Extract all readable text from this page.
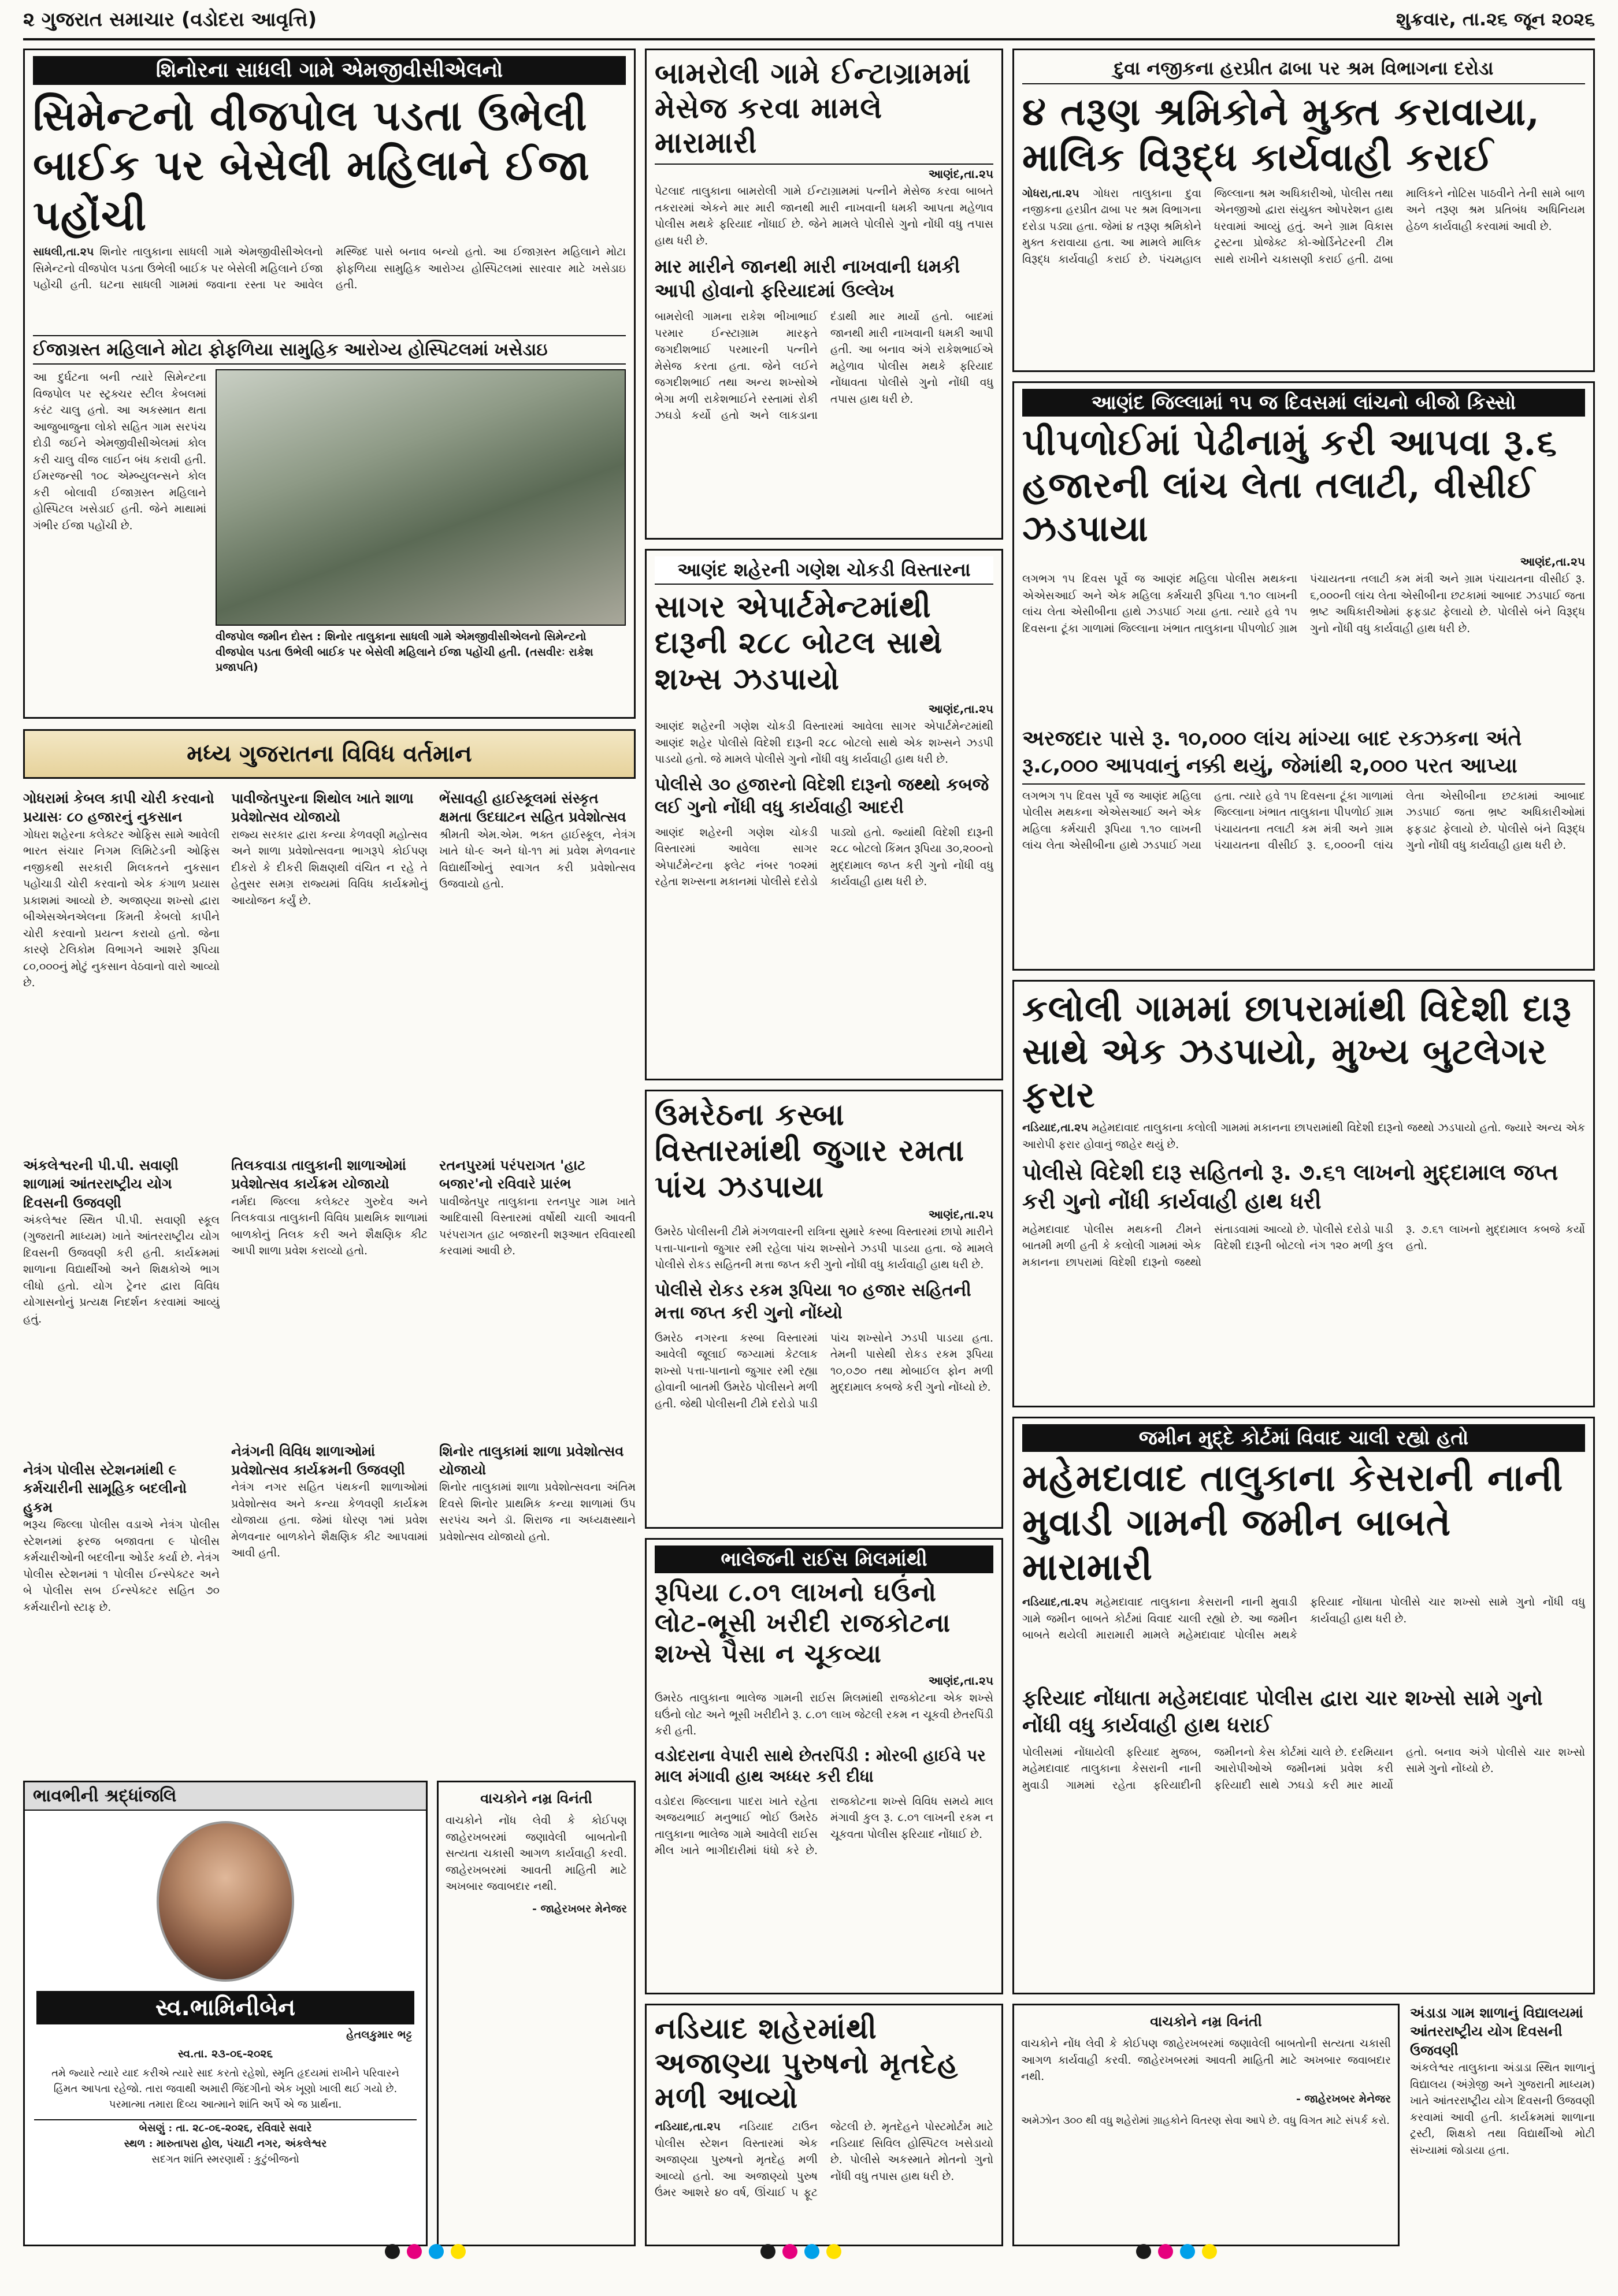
૨ ગુજરાત સમાચાર (વડોદરા આવૃત્તિ)	શુક્રવાર, તા.૨૬ જૂન ૨૦૨૬
શિનોરના સાધલી ગામે એમજીવીસીએલનો
સિમેન્ટનો વીજપોલ પડતા ઉભેલી બાઈક પર બેસેલી મહિલાને ઈજા પહોંચી
સાધલી,તા.૨૫ શિનોર તાલુકાના સાધલી ગામે એમજીવીસીએલનો સિમેન્ટનો વીજપોલ પડતા ઉભેલી બાઈક પર બેસેલી મહિલાને ઈજા પહોંચી હતી. ઘટના સાધલી ગામમાં જવાના રસ્તા પર આવેલ મસ્જિદ પાસે બનાવ બન્યો હતો. આ ઈજાગ્રસ્ત મહિલાને મોટા ફોફળિયા સામુહિક આરોગ્ય હોસ્પિટલમાં સારવાર માટે ખસેડાઇ હતી.
ઈજાગ્રસ્ત મહિલાને મોટા ફોફળિયા સામુહિક આરોગ્ય હોસ્પિટલમાં ખસેડાઇ
આ દુર્ઘટના બની ત્યારે સિમેન્ટના વિજપોલ પર સ્ટ્રક્ચર સ્ટીલ કેબલમાં કરંટ ચાલુ હતો. આ અકસ્માત થતા આજુબાજુના લોકો સહિત ગામ સરપંચ દોડી જઈને એમજીવીસીએલમાં કોલ કરી ચાલુ વીજ લાઈન બંધ કરાવી હતી. ઈમરજન્સી ૧૦૮ એમ્બ્યુલન્સને કોલ કરી બોલાવી ઈજાગ્રસ્ત મહિલાને હોસ્પિટલ ખસેડાઈ હતી. જેને માથામાં ગંભીર ઈજા પહોંચી છે.
વીજપોલ જમીન દોસ્ત : શિનોર તાલુકાના સાધલી ગામે એમજીવીસીએલનો સિમેન્ટનો વીજપોલ પડતા ઉભેલી બાઈક પર બેસેલી મહિલાને ઈજા પહોંચી હતી. (તસવીરઃ રાકેશ પ્રજાપતિ)
બામરોલી ગામે ઈન્ટાગ્રામમાં મેસેજ કરવા મામલે મારામારી
આણંદ,તા.૨૫
પેટલાદ તાલુકાના બામરોલી ગામે ઈન્ટાગ્રામમાં પત્નીને મેસેજ કરવા બાબતે તકરારમાં એકને માર મારી જાનથી મારી નાખવાની ધમકી આપતા મહેળાવ પોલીસ મથકે ફરિયાદ નોંધાઈ છે. જેને મામલે પોલીસે ગુનો નોંધી વધુ તપાસ હાથ ધરી છે.
માર મારીને જાનથી મારી નાખવાની ધમકી આપી હોવાનો ફરિયાદમાં ઉલ્લેખ
બામરોલી ગામના રાકેશ ભીખાભાઈ પરમાર ઈન્સ્ટાગ્રામ મારફતે જગદીશભાઈ પરમારની પત્નીને મેસેજ કરતા હતા. જેને લઈને જગદીશભાઈ તથા અન્ય શખ્સોએ ભેગા મળી રાકેશભાઈને રસ્તામાં રોકી ઝઘડો કર્યો હતો અને લાકડાના દંડાથી માર માર્યો હતો. બાદમાં જાનથી મારી નાખવાની ધમકી આપી હતી. આ બનાવ અંગે રાકેશભાઈએ મહેળાવ પોલીસ મથકે ફરિયાદ નોંધાવતા પોલીસે ગુનો નોંધી વધુ તપાસ હાથ ધરી છે.
દુવા નજીકના હરપ્રીત ઢાબા પર શ્રમ વિભાગના દરોડા
૪ તરૂણ શ્રમિકોને મુક્ત કરાવાયા, માલિક વિરૂદ્ધ કાર્યવાહી કરાઈ
ગોધરા,તા.૨૫ ગોધરા તાલુકાના દુવા નજીકના હરપ્રીત ઢાબા પર શ્રમ વિભાગના દરોડા પડ્યા હતા. જેમાં ૪ તરૂણ શ્રમિકોને મુક્ત કરાવાયા હતા. આ મામલે માલિક વિરૂદ્ધ કાર્યવાહી કરાઈ છે. પંચમહાલ જિલ્લાના શ્રમ અધિકારીઓ, પોલીસ તથા એનજીઓ દ્વારા સંયુક્ત ઓપરેશન હાથ ધરવામાં આવ્યું હતું. અને ગ્રામ વિકાસ ટ્રસ્ટના પ્રોજેક્ટ કો-ઓર્ડિનેટરની ટીમ સાથે રાખીને ચકાસણી કરાઈ હતી. ઢાબા માલિકને નોટિસ પાઠવીને તેની સામે બાળ અને તરૂણ શ્રમ પ્રતિબંધ અધિનિયમ હેઠળ કાર્યવાહી કરવામાં આવી છે.
આણંદ જિલ્લામાં ૧૫ જ દિવસમાં લાંચનો બીજો કિસ્સો
પીપળોઈમાં પેઢીનામું કરી આપવા રૂ.૬ હજારની લાંચ લેતા તલાટી, વીસીઈ ઝડપાયા
આણંદ,તા.૨૫
લગભગ ૧૫ દિવસ પૂર્વે જ આણંદ મહિલા પોલીસ મથકના એએસઆઈ અને એક મહિલા કર્મચારી રૂપિયા ૧.૧૦ લાખની લાંચ લેતા એસીબીના હાથે ઝડપાઈ ગયા હતા. ત્યારે હવે ૧૫ દિવસના ટૂંકા ગાળામાં જિલ્લાના ખંભાત તાલુકાના પીપળોઈ ગ્રામ પંચાયતના તલાટી કમ મંત્રી અને ગ્રામ પંચાયતના વીસીઈ રૂ. ૬,૦૦૦ની લાંચ લેતા એસીબીના છટકામાં આબાદ ઝડપાઈ જતા ભ્રષ્ટ અધિકારીઓમાં ફફડાટ ફેલાયો છે. પોલીસે બંને વિરૂદ્ધ ગુનો નોંધી વધુ કાર્યવાહી હાથ ધરી છે.
અરજદાર પાસે રૂ. ૧૦,૦૦૦ લાંચ માંગ્યા બાદ રકઝકના અંતે
રૂ.૮,૦૦૦ આપવાનું નક્કી થયું, જેમાંથી ૨,૦૦૦ પરત આપ્યા
લગભગ ૧૫ દિવસ પૂર્વે જ આણંદ મહિલા પોલીસ મથકના એએસઆઈ અને એક મહિલા કર્મચારી રૂપિયા ૧.૧૦ લાખની લાંચ લેતા એસીબીના હાથે ઝડપાઈ ગયા હતા. ત્યારે હવે ૧૫ દિવસના ટૂંકા ગાળામાં જિલ્લાના ખંભાત તાલુકાના પીપળોઈ ગ્રામ પંચાયતના તલાટી કમ મંત્રી અને ગ્રામ પંચાયતના વીસીઈ રૂ. ૬,૦૦૦ની લાંચ લેતા એસીબીના છટકામાં આબાદ ઝડપાઈ જતા ભ્રષ્ટ અધિકારીઓમાં ફફડાટ ફેલાયો છે. પોલીસે બંને વિરૂદ્ધ ગુનો નોંધી વધુ કાર્યવાહી હાથ ધરી છે.
આણંદ શહેરની ગણેશ ચોકડી વિસ્તારના
સાગર એપાર્ટમેન્ટમાંથી દારૂની ૨૮૮ બોટલ સાથે શખ્સ ઝડપાયો
આણંદ,તા.૨૫
આણંદ શહેરની ગણેશ ચોકડી વિસ્તારમાં આવેલા સાગર એપાર્ટમેન્ટમાંથી આણંદ શહેર પોલીસે વિદેશી દારૂની ૨૮૮ બોટલો સાથે એક શખ્સને ઝડપી પાડયો હતો. જે મામલે પોલીસે ગુનો નોંધી વધુ કાર્યવાહી હાથ ધરી છે.
પોલીસે ૩૦ હજારનો વિદેશી દારૂનો જથ્થો કબજે લઈ ગુનો નોંધી વધુ કાર્યવાહી આદરી
આણંદ શહેરની ગણેશ ચોકડી વિસ્તારમાં આવેલા સાગર એપાર્ટમેન્ટના ફ્લેટ નંબર ૧૦૨માં રહેતા શખ્સના મકાનમાં પોલીસે દરોડો પાડ્યો હતો. જ્યાંથી વિદેશી દારૂની ૨૮૮ બોટલો કિંમત રૂપિયા ૩૦,૨૦૦નો મુદ્દામાલ જપ્ત કરી ગુનો નોંધી વધુ કાર્યવાહી હાથ ધરી છે.
મધ્ય ગુજરાતના વિવિધ વર્તમાન
ગોધરામાં કેબલ કાપી ચોરી કરવાનો પ્રયાસઃ ૮૦ હજારનું નુકસાન
ગોધરા શહેરના કલેક્ટર ઓફિસ સામે આવેલી ભારત સંચાર નિગમ લિમિટેડની ઓફિસ નજીકથી સરકારી મિલકતને નુકસાન પહોંચાડી ચોરી કરવાનો એક કંગાળ પ્રયાસ પ્રકાશમાં આવ્યો છે. અજાણ્યા શખ્સો દ્વારા બીએસએનએલના કિંમતી કેબલો કાપીને ચોરી કરવાનો પ્રયત્ન કરાયો હતો. જેના કારણે ટેલિકોમ વિભાગને આશરે રૂપિયા ૮૦,૦૦૦નું મોટું નુકસાન વેઠવાનો વારો આવ્યો છે.
અંકલેશ્વરની પી.પી. સવાણી શાળામાં આંતરરાષ્ટ્રીય યોગ દિવસની ઉજવણી
અંકલેશ્વર સ્થિત પી.પી. સવાણી સ્કૂલ (ગુજરાતી માધ્યમ) ખાતે આંતરરાષ્ટ્રીય યોગ દિવસની ઉજવણી કરી હતી. કાર્યક્રમમાં શાળાના વિદ્યાર્થીઓ અને શિક્ષકોએ ભાગ લીધો હતો. યોગ ટ્રેનર દ્વારા વિવિધ યોગાસનોનું પ્રત્યક્ષ નિદર્શન કરવામાં આવ્યું હતું.
નેત્રંગ પોલીસ સ્ટેશનમાંથી ૯ કર્મચારીની સામૂહિક બદલીનો હુકમ
ભરૂચ જિલ્લા પોલીસ વડાએ નેત્રંગ પોલીસ સ્ટેશનમાં ફરજ બજાવતા ૯ પોલીસ કર્મચારીઓની બદલીના ઓર્ડર કર્યા છે. નેત્રંગ પોલીસ સ્ટેશનમાં ૧ પોલીસ ઈન્સ્પેક્ટર અને બે પોલીસ સબ ઈન્સ્પેક્ટર સહિત ૭૦ કર્મચારીનો સ્ટાફ છે.
પાવીજેતપુરના શિથોલ ખાતે શાળા પ્રવેશોત્સવ યોજાયો
રાજ્ય સરકાર દ્વારા કન્યા કેળવણી મહોત્સવ અને શાળા પ્રવેશોત્સવના ભાગરૂપે કોઈપણ દીકરો કે દીકરી શિક્ષણથી વંચિત ન રહે તે હેતુસર સમગ્ર રાજ્યમાં વિવિધ કાર્યક્રમોનું આયોજન કર્યું છે.
તિલકવાડા તાલુકાની શાળાઓમાં પ્રવેશોત્સવ કાર્યક્રમ યોજાયો
નર્મદા જિલ્લા કલેક્ટર ગુરુદેવ અને તિલકવાડા તાલુકાની વિવિધ પ્રાથમિક શાળામાં બાળકોનું તિલક કરી અને શૈક્ષણિક કીટ આપી શાળા પ્રવેશ કરાવ્યો હતો.
નેત્રંગની વિવિધ શાળાઓમાં પ્રવેશોત્સવ કાર્યક્રમની ઉજવણી
નેત્રંગ નગર સહિત પંથકની શાળાઓમાં પ્રવેશોત્સવ અને કન્યા કેળવણી કાર્યક્રમ યોજાયા હતા. જેમાં ધોરણ ૧માં પ્રવેશ મેળવનાર બાળકોને શૈક્ષણિક કીટ આપવામાં આવી હતી.
ભેંસાવહી હાઈસ્કૂલમાં સંસ્કૃત ક્ષમતા ઉદઘાટન સહિત પ્રવેશોત્સવ
શ્રીમતી એમ.એમ. ભક્ત હાઈસ્કૂલ, નેત્રંગ ખાતે ધો-૯ અને ધો-૧૧ માં પ્રવેશ મેળવનાર વિદ્યાર્થીઓનું સ્વાગત કરી પ્રવેશોત્સવ ઉજવાયો હતો.
રતનપુરમાં પરંપરાગત 'હાટ બજાર'નો રવિવારે પ્રારંભ
પાવીજેતપુર તાલુકાના રતનપુર ગામ ખાતે આદિવાસી વિસ્તારમાં વર્ષોથી ચાલી આવતી પરંપરાગત હાટ બજારની શરૂઆત રવિવારથી કરવામાં આવી છે.
શિનોર તાલુકામાં શાળા પ્રવેશોત્સવ યોજાયો
શિનોર તાલુકામાં શાળા પ્રવેશોત્સવના અંતિમ દિવસે શિનોર પ્રાથમિક કન્યા શાળામાં ઉપ સરપંચ અને ડૉ. શિરાજ ના અધ્યક્ષસ્થાને પ્રવેશોત્સવ યોજાયો હતો.
ઉમરેઠના કસ્બા વિસ્તારમાંથી જુગાર રમતા પાંચ ઝડપાયા
આણંદ,તા.૨૫
ઉમરેઠ પોલીસની ટીમે મંગળવારની રાત્રિના સુમારે કસ્બા વિસ્તારમાં છાપો મારીને પત્તા-પાનાનો જુગાર રમી રહેલા પાંચ શખ્સોને ઝડપી પાડયા હતા. જે મામલે પોલીસે રોકડ સહિતની મત્તા જપ્ત કરી ગુનો નોંધી વધુ કાર્યવાહી હાથ ધરી છે.
પોલીસે રોકડ રકમ રૂપિયા ૧૦ હજાર સહિતની મત્તા જપ્ત કરી ગુનો નોંધ્યો
ઉમરેઠ નગરના કસ્બા વિસ્તારમાં આવેલી જૂલાઈ જગ્યામાં કેટલાક શખ્સો પત્તા-પાનાનો જુગાર રમી રહ્યા હોવાની બાતમી ઉમરેઠ પોલીસને મળી હતી. જેથી પોલીસની ટીમે દરોડો પાડી પાંચ શખ્સોને ઝડપી પાડયા હતા. તેમની પાસેથી રોકડ રકમ રૂપિયા ૧૦,૦૭૦ તથા મોબાઈલ ફોન મળી મુદ્દામાલ કબજે કરી ગુનો નોંધ્યો છે.
ભાલેજની રાઈસ મિલમાંથી
રૂપિયા ૮.૦૧ લાખનો ઘઉંનો લોટ-ભૂસી ખરીદી રાજકોટના શખ્સે પૈસા ન ચૂકવ્યા
આણંદ,તા.૨૫
ઉમરેઠ તાલુકાના ભાલેજ ગામની રાઈસ મિલમાંથી રાજકોટના એક શખ્સે ઘઉંનો લોટ અને ભૂસી ખરીદીને રૂ. ૮.૦૧ લાખ જેટલી રકમ ન ચૂકવી છેતરપિંડી કરી હતી.
વડોદરાના વેપારી સાથે છેતરપિંડી : મોરબી હાઈવે પર માલ મંગાવી હાથ અધ્ધર કરી દીધા
વડોદરા જિલ્લાના પાદરા ખાતે રહેતા અજયભાઈ મનુભાઈ ભોઈ ઉમરેઠ તાલુકાના ભાલેજ ગામે આવેલી રાઈસ મીલ ખાતે ભાગીદારીમાં ધંધો કરે છે. રાજકોટના શખ્સે વિવિધ સમયે માલ મંગાવી કુલ રૂ. ૮.૦૧ લાખની રકમ ન ચૂકવતા પોલીસ ફરિયાદ નોંધાઈ છે.
નડિયાદ શહેરમાંથી અજાણ્યા પુરુષનો મૃતદેહ મળી આવ્યો
નડિયાદ,તા.૨૫ નડિયાદ ટાઉન પોલીસ સ્ટેશન વિસ્તારમાં એક અજાણ્યા પુરુષનો મૃતદેહ મળી આવ્યો હતો. આ અજાણ્યો પુરુષ ઉંમર આશરે ૪૦ વર્ષ, ઊંચાઈ ૫ ફૂટ જેટલી છે. મૃતદેહને પોસ્ટમોર્ટમ માટે નડિયાદ સિવિલ હોસ્પિટલ ખસેડાયો છે. પોલીસે અકસ્માતે મોતનો ગુનો નોંધી વધુ તપાસ હાથ ધરી છે.
કલોલી ગામમાં છાપરામાંથી વિદેશી દારૂ સાથે એક ઝડપાયો, મુખ્ય બુટલેગર ફરાર
નડિયાદ,તા.૨૫ મહેમદાવાદ તાલુકાના કલોલી ગામમાં મકાનના છાપરામાંથી વિદેશી દારૂનો જથ્થો ઝડપાયો હતો. જ્યારે અન્ય એક આરોપી ફરાર હોવાનું જાહેર થયું છે.
પોલીસે વિદેશી દારૂ સહિતનો રૂ. ૭.૬૧ લાખનો મુદ્દામાલ જપ્ત કરી ગુનો નોંધી કાર્યવાહી હાથ ધરી
મહેમદાવાદ પોલીસ મથકની ટીમને બાતમી મળી હતી કે કલોલી ગામમાં એક મકાનના છાપરામાં વિદેશી દારૂનો જથ્થો સંતાડવામાં આવ્યો છે. પોલીસે દરોડો પાડી વિદેશી દારૂની બોટલો નંગ ૧૨૦ મળી કુલ રૂ. ૭.૬૧ લાખનો મુદ્દામાલ કબજે કર્યો હતો.
જમીન મુદ્દે કોર્ટમાં વિવાદ ચાલી રહ્યો હતો
મહેમદાવાદ તાલુકાના કેસરાની નાની મુવાડી ગામની જમીન બાબતે મારામારી
નડિયાદ,તા.૨૫ મહેમદાવાદ તાલુકાના કેસરાની નાની મુવાડી ગામે જમીન બાબતે કોર્ટમાં વિવાદ ચાલી રહ્યો છે. આ જમીન બાબતે થયેલી મારામારી મામલે મહેમદાવાદ પોલીસ મથકે ફરિયાદ નોંધાતા પોલીસે ચાર શખ્સો સામે ગુનો નોંધી વધુ કાર્યવાહી હાથ ધરી છે.
ફરિયાદ નોંધાતા મહેમદાવાદ પોલીસ દ્વારા ચાર શખ્સો સામે ગુનો નોંધી વધુ કાર્યવાહી હાથ ધરાઈ
પોલીસમાં નોંધાયેલી ફરિયાદ મુજબ, મહેમદાવાદ તાલુકાના કેસરાની નાની મુવાડી ગામમાં રહેતા ફરિયાદીની જમીનનો કેસ કોર્ટમાં ચાલે છે. દરમિયાન આરોપીઓએ જમીનમાં પ્રવેશ કરી ફરિયાદી સાથે ઝઘડો કરી માર માર્યો હતો. બનાવ અંગે પોલીસે ચાર શખ્સો સામે ગુનો નોંધ્યો છે.
અંડાડા ગામ શાળાનું વિદ્યાલયમાં આંતરરાષ્ટ્રીય યોગ દિવસની ઉજવણી
અંકલેશ્વર તાલુકાના અંડાડા સ્થિત શાળાનું વિદ્યાલય (અંગ્રેજી અને ગુજરાતી માધ્યમ) ખાતે આંતરરાષ્ટ્રીય યોગ દિવસની ઉજવણી કરવામાં આવી હતી. કાર્યક્રમમાં શાળાના ટ્રસ્ટી, શિક્ષકો તથા વિદ્યાર્થીઓ મોટી સંખ્યામાં જોડાયા હતા.
વાચકોને નમ્ર વિનંતી
વાચકોને નોંધ લેવી કે કોઈપણ જાહેરખબરમાં જણાવેલી બાબતોની સત્યતા ચકાસી આગળ કાર્યવાહી કરવી. જાહેરખબરમાં આવતી માહિતી માટે અખબાર જવાબદાર નથી.
- જાહેરખબર મેનેજર
અમેઝોન ૩૦૦ થી વધુ શહેરોમાં ગ્રાહકોને વિતરણ સેવા આપે છે. વધુ વિગત માટે સંપર્ક કરો.
ભાવભીની શ્રદ્ધાંજલિ
સ્વ.ભામિનીબેન
હેતલકુમાર ભટ્ટ
સ્વ.તા. ૨૩-૦૬-૨૦૨૬
તમે જ્યારે ત્યારે યાદ કરીએ ત્યારે સાદ કરતો રહેશો, સ્મૃતિ હૃદયમાં રાખીને પરિવારને હિંમત આપતા રહેજો. તારા જવાથી અમારી જિંદગીનો એક ખૂણો ખાલી થઈ ગયો છે. પરમાત્મા તમારા દિવ્ય આત્માને શાંતિ અર્પે એ જ પ્રાર્થના.
બેસણું : તા. ૨૮-૦૬-૨૦૨૬, રવિવારે સવારે
સ્થળ : મારુતાપરા હોલ, પંચાટી નગર, અંકલેશ્વર
સદગત શાંતિ સ્મરણાર્થે : કુટુંબીજનો
વાચકોને નમ્ર વિનંતી
વાચકોને નોંધ લેવી કે કોઈપણ જાહેરખબરમાં જણાવેલી બાબતોની સત્યતા ચકાસી આગળ કાર્યવાહી કરવી. જાહેરખબરમાં આવતી માહિતી માટે અખબાર જવાબદાર નથી.
- જાહેરખબર મેનેજર
